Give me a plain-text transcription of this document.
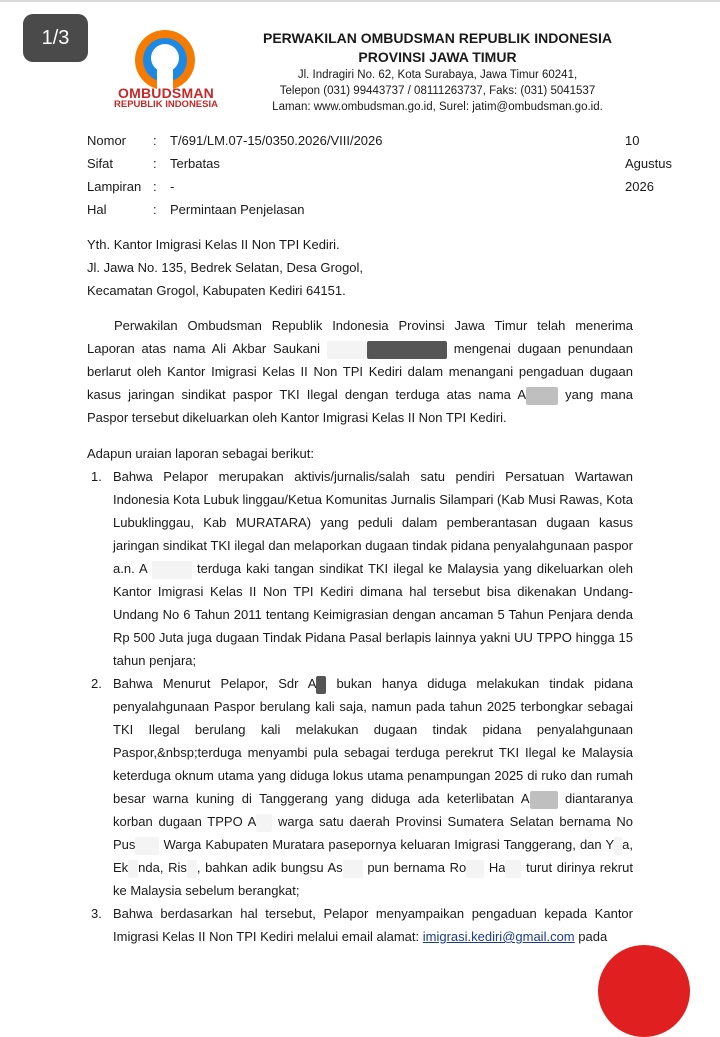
1/3
OMBUDSMAN
REPUBLIK INDONESIA
PERWAKILAN OMBUDSMAN REPUBLIK INDONESIA
PROVINSI JAWA TIMUR
Jl. Indragiri No. 62, Kota Surabaya, Jawa Timur 60241,
Telepon (031) 99443737 / 08111263737, Faks: (031) 5041537
Laman: www.ombudsman.go.id, Surel: jatim@ombudsman.go.id.
Nomor	:	T/691/LM.07-15/0350.2026/VIII/2026	10 Agustus 2026
Sifat	:	Terbatas
Lampiran :	-
Hal	:	Permintaan Penjelasan
Yth. Kantor Imigrasi Kelas II Non TPI Kediri.
Jl. Jawa No. 135, Bedrek Selatan, Desa Grogol,
Kecamatan Grogol, Kabupaten Kediri 64151.

Perwakilan Ombudsman Republik Indonesia Provinsi Jawa Timur telah menerima Laporan atas nama Ali Akbar Saukani	mengenai dugaan penundaan berlarut oleh Kantor Imigrasi Kelas II Non TPI Kediri dalam menangani pengaduan dugaan kasus jaringan sindikat paspor TKI Ilegal dengan terduga atas nama A	yang mana Paspor tersebut dikeluarkan oleh Kantor Imigrasi Kelas II Non TPI Kediri.

Adapun uraian laporan sebagai berikut:

1. Bahwa Pelapor merupakan aktivis/jurnalis/salah satu pendiri Persatuan Wartawan Indonesia Kota Lubuk linggau/Ketua Komunitas Jurnalis Silampari (Kab Musi Rawas, Kota Lubuklinggau, Kab MURATARA) yang peduli dalam pemberantasan dugaan kasus jaringan sindikat TKI ilegal dan melaporkan dugaan tindak pidana penyalahgunaan paspor a.n. A	terduga kaki tangan sindikat TKI ilegal ke Malaysia yang dikeluarkan oleh Kantor Imigrasi Kelas II Non TPI Kediri dimana hal tersebut bisa dikenakan Undang-Undang No 6 Tahun 2011 tentang Keimigrasian dengan ancaman 5 Tahun Penjara denda Rp 500 Juta juga dugaan Tindak Pidana Pasal berlapis lainnya yakni UU TPPO hingga 15 tahun penjara;
2. Bahwa Menurut Pelapor, Sdr A bukan hanya diduga melakukan tindak pidana penyalahgunaan Paspor berulang kali saja, namun pada tahun 2025 terbongkar sebagai TKI Ilegal berulang kali melakukan dugaan tindak pidana penyalahgunaan Paspor,&nbsp;terduga menyambi pula sebagai terduga perekrut TKI Ilegal ke Malaysia keterduga oknum utama yang diduga lokus utama penampungan 2025 di ruko dan rumah besar warna kuning di Tanggerang yang diduga ada keterlibatan A	diantaranya korban dugaan TPPO A warga satu daerah Provinsi Sumatera Selatan bernama No Pus Warga Kabupaten Muratara pasepornya keluaran Imigrasi Tanggerang, dan Y a, Ek nda, Ris , bahkan adik bungsu As pun bernama Ro Ha turut dirinya rekrut ke Malaysia sebelum berangkat;
3. Bahwa berdasarkan hal tersebut, Pelapor menyampaikan pengaduan kepada Kantor Imigrasi Kelas II Non TPI Kediri melalui email alamat: imigrasi.kediri@gmail.com pada
